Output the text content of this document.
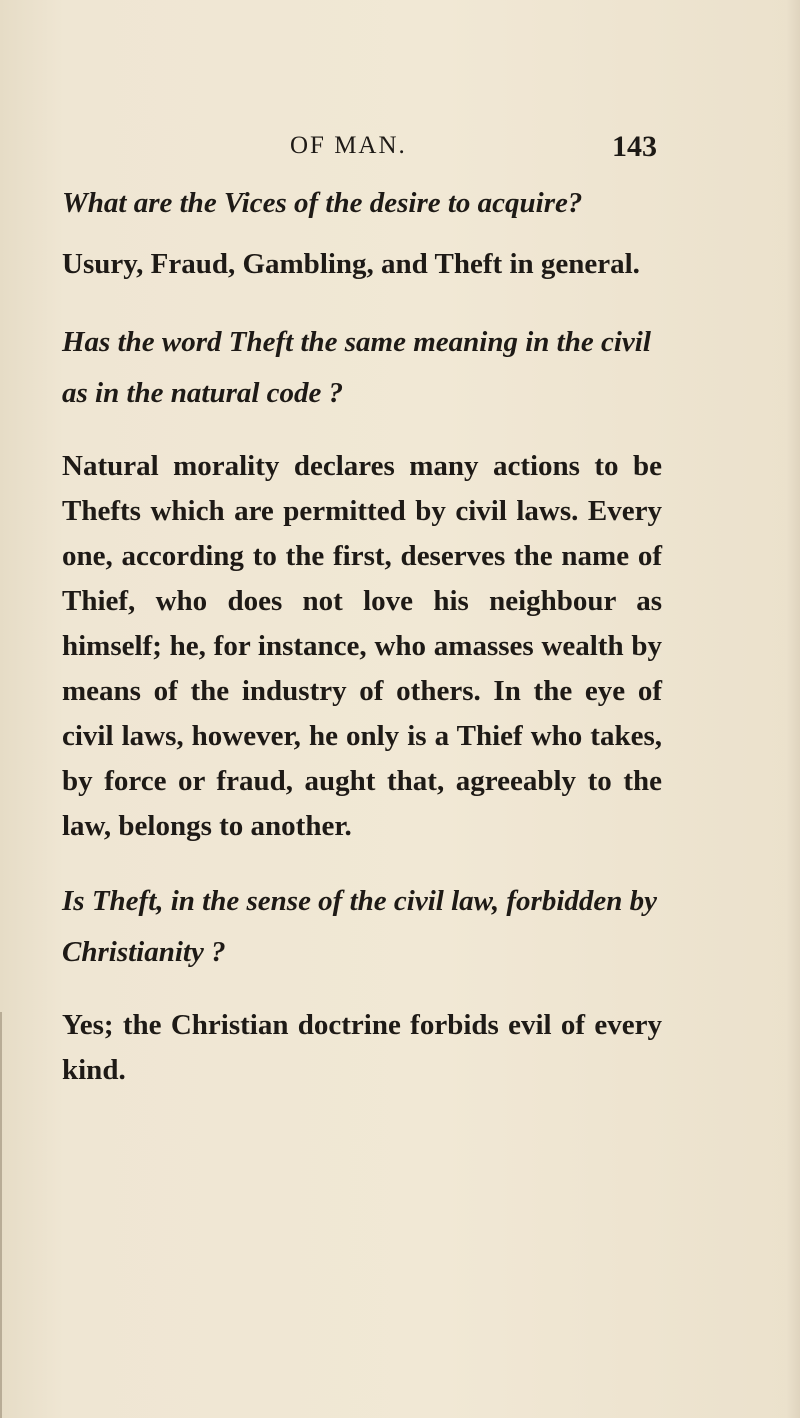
OF MAN.	143

What are the Vices of the desire to acquire?

Usury, Fraud, Gambling, and Theft in general.

Has the word Theft the same meaning in the civil as in the natural code ?

Natural morality declares many actions to be Thefts which are permitted by civil laws. Every one, according to the first, deserves the name of Thief, who does not love his neighbour as himself; he, for instance, who amasses wealth by means of the industry of others. In the eye of civil laws, however, he only is a Thief who takes, by force or fraud, aught that, agreeably to the law, belongs to another.

Is Theft, in the sense of the civil law, forbidden by Christianity ?

Yes; the Christian doctrine forbids evil of every kind.
